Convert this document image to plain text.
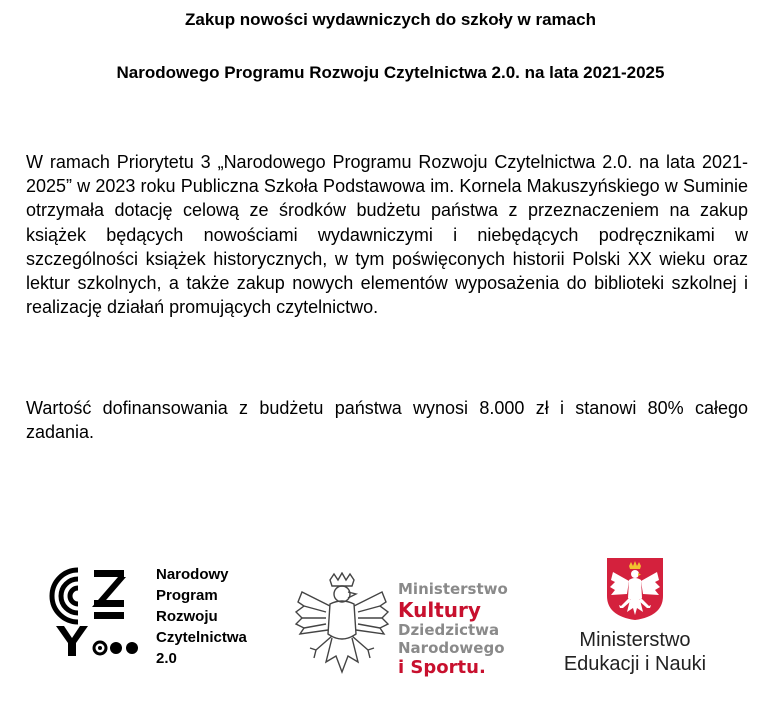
Zakup nowości wydawniczych do szkoły w ramach
Narodowego Programu Rozwoju Czytelnictwa 2.0. na lata 2021-2025

W ramach Priorytetu 3 „Narodowego Programu Rozwoju Czytelnictwa 2.0. na lata 2021-2025” w 2023 roku Publiczna Szkoła Podstawowa im. Kornela Makuszyńskiego w Suminie otrzymała dotację celową ze środków budżetu państwa z przeznaczeniem na zakup książek będących nowościami wydawniczymi i niebędących podręcznikami w szczególności książek historycznych, w tym poświęconych historii Polski XX wieku oraz lektur szkolnych, a także zakup nowych elementów wyposażenia do biblioteki szkolnej i realizację działań promujących czytelnictwo.

Wartość dofinansowania z budżetu państwa wynosi 8.000 zł i stanowi 80% całego zadania.

Narodowy
Program
Rozwoju
Czytelnictwa
2.0

Ministerstwo
Kultury
Dziedzictwa
Narodowego
i Sportu.

Ministerstwo
Edukacji i Nauki
